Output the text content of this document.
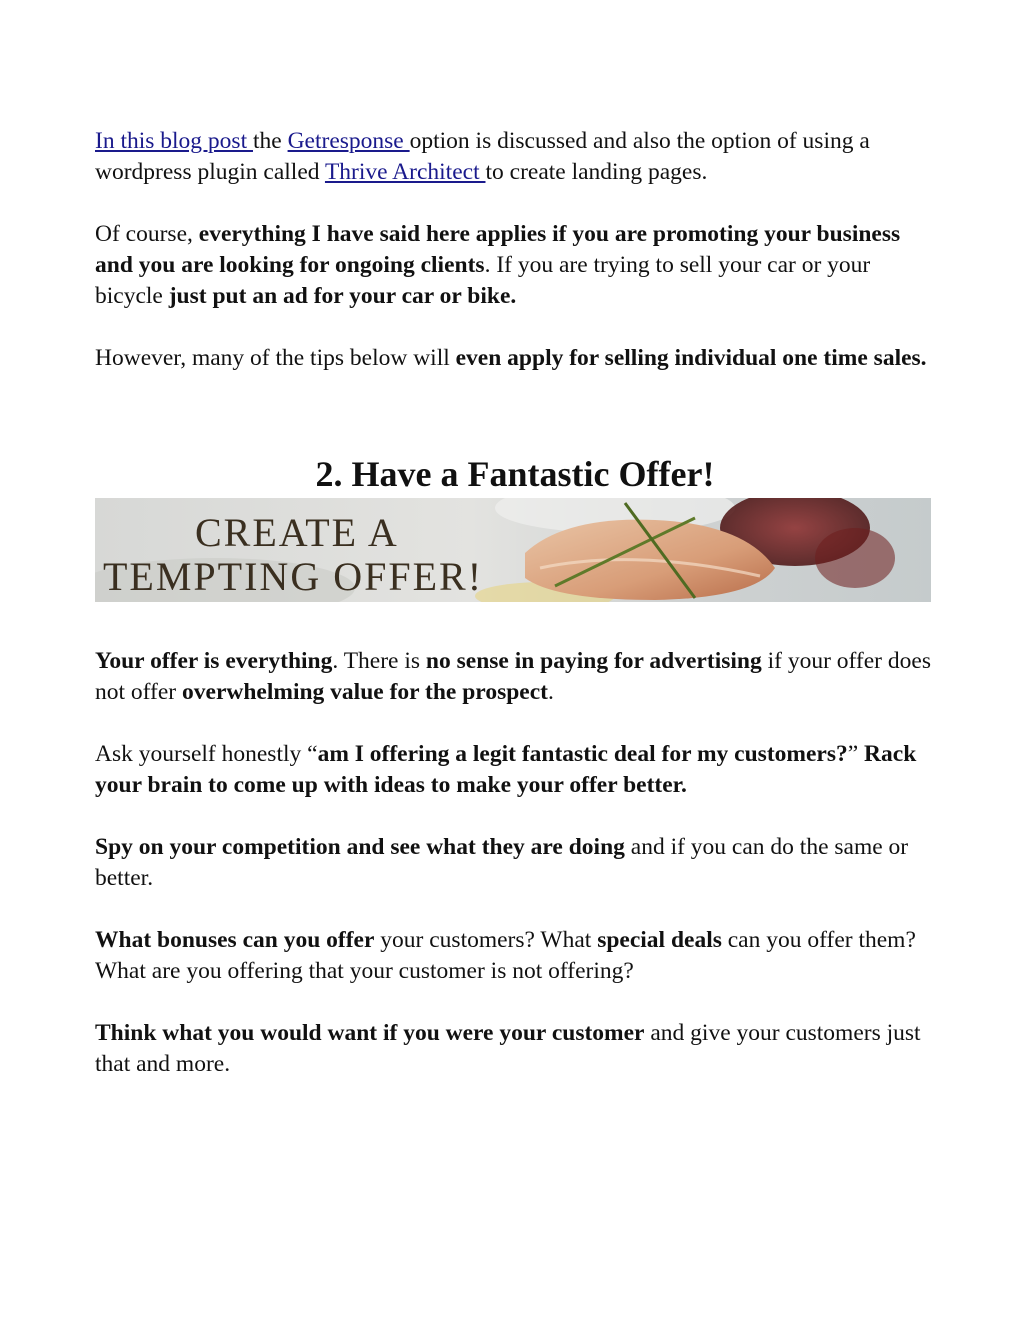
In this blog post the Getresponse option is discussed and also the option of using a wordpress plugin called Thrive Architect to create landing pages.

Of course, everything I have said here applies if you are promoting your business and you are looking for ongoing clients. If you are trying to sell your car or your bicycle just put an ad for your car or bike.

However, many of the tips below will even apply for selling individual one time sales.

2. Have a Fantastic Offer!
CREATE A
TEMPTING OFFER!

Your offer is everything. There is no sense in paying for advertising if your offer does not offer overwhelming value for the prospect.

Ask yourself honestly “am I offering a legit fantastic deal for my customers?” Rack your brain to come up with ideas to make your offer better.

Spy on your competition and see what they are doing and if you can do the same or better.

What bonuses can you offer your customers? What special deals can you offer them? What are you offering that your customer is not offering?

Think what you would want if you were your customer and give your customers just that and more.
